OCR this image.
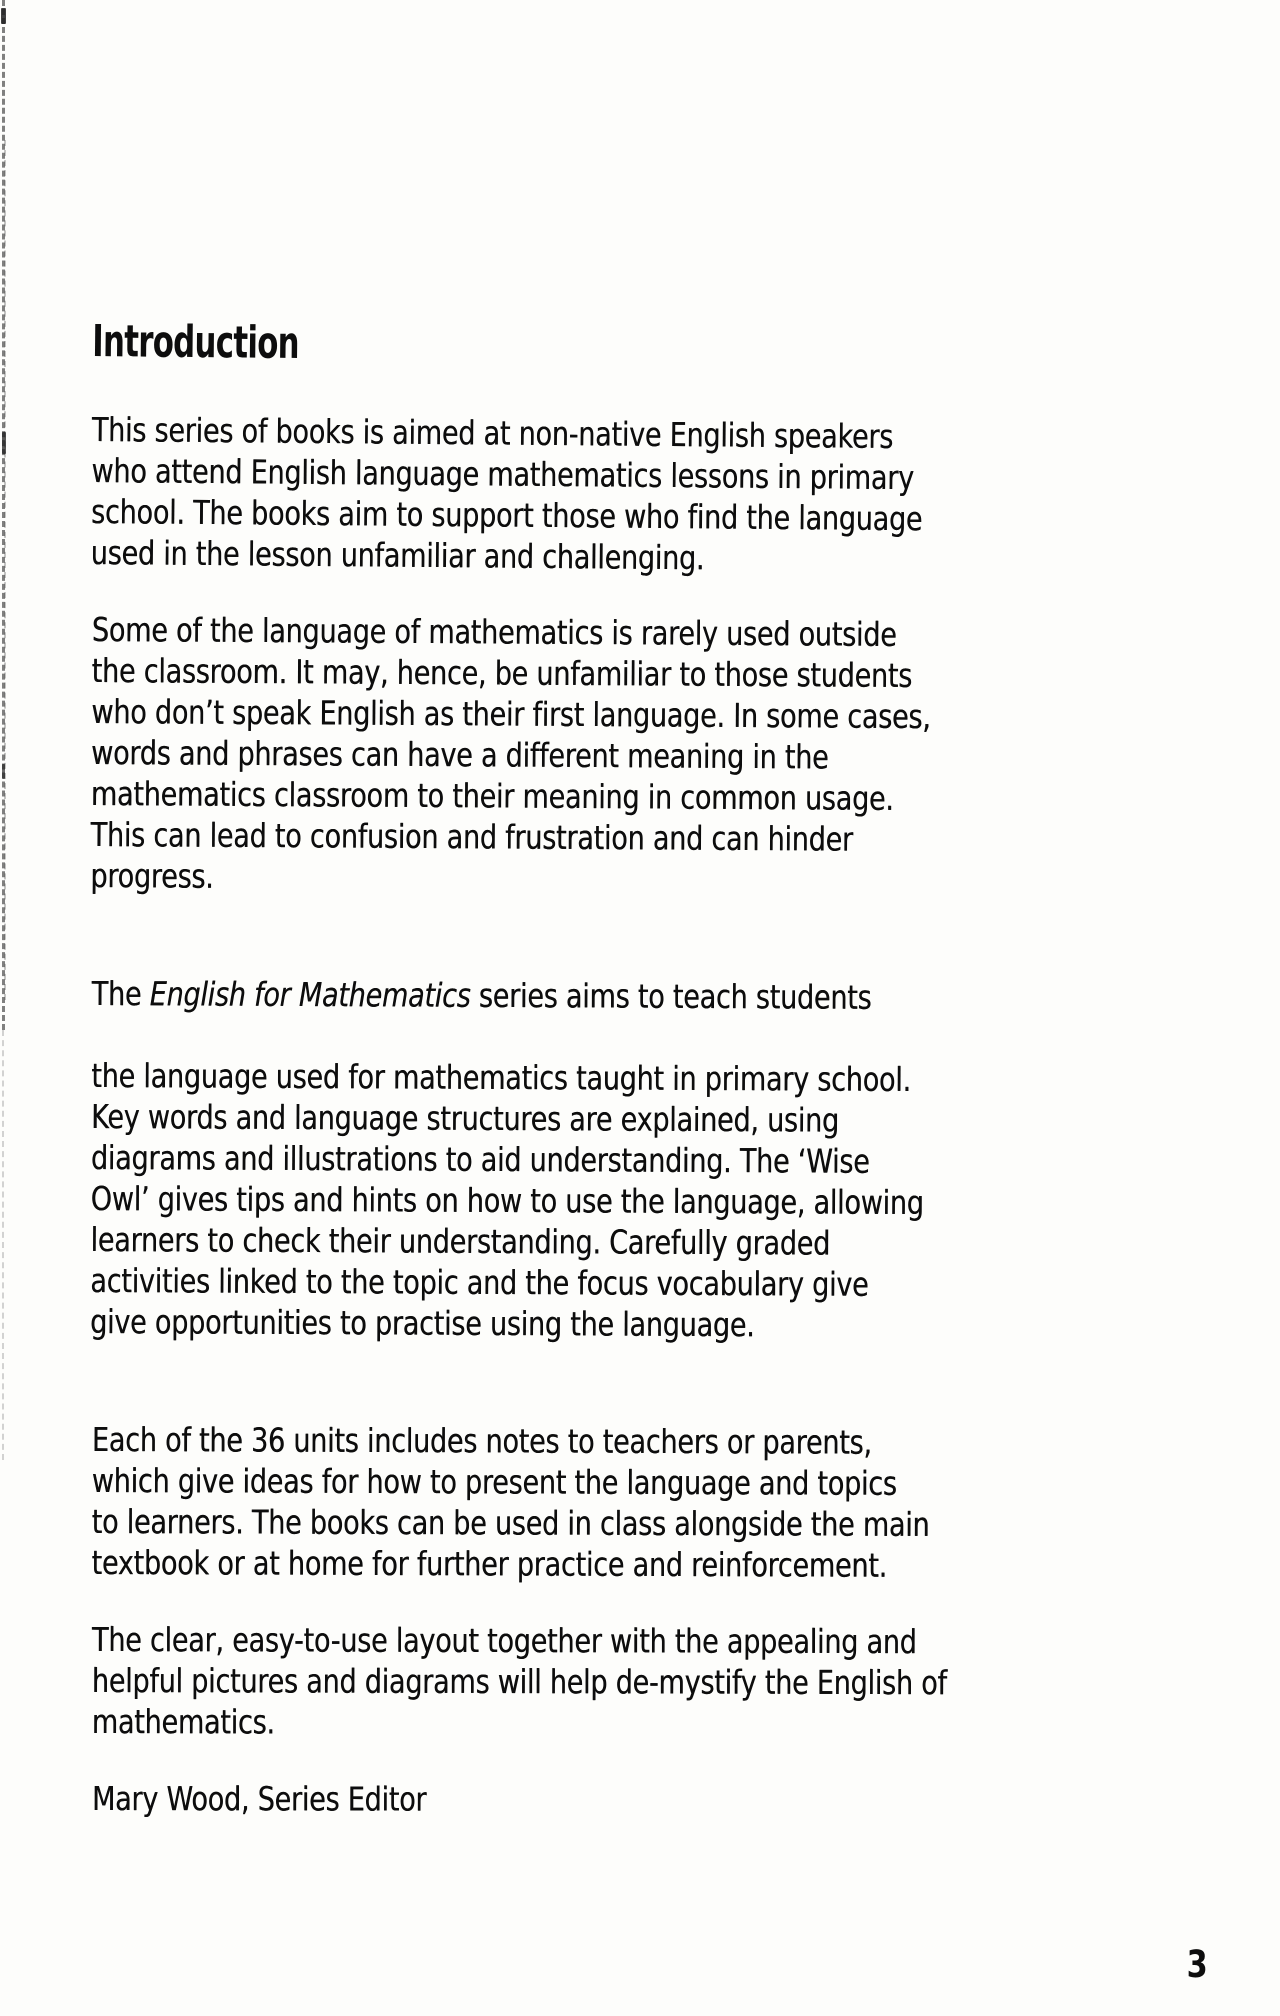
Introduction

This series of books is aimed at non-native English speakers
who attend English language mathematics lessons in primary
school. The books aim to support those who find the language
used in the lesson unfamiliar and challenging.

Some of the language of mathematics is rarely used outside
the classroom. It may, hence, be unfamiliar to those students
who don’t speak English as their first language. In some cases,
words and phrases can have a different meaning in the
mathematics classroom to their meaning in common usage.
This can lead to confusion and frustration and can hinder
progress.

The English for Mathematics series aims to teach students

the language used for mathematics taught in primary school.
Key words and language structures are explained, using
diagrams and illustrations to aid understanding. The ‘Wise
Owl’ gives tips and hints on how to use the language, allowing
learners to check their understanding. Carefully graded
activities linked to the topic and the focus vocabulary give
give opportunities to practise using the language.

Each of the 36 units includes notes to teachers or parents,
which give ideas for how to present the language and topics
to learners. The books can be used in class alongside the main
textbook or at home for further practice and reinforcement.

The clear, easy-to-use layout together with the appealing and
helpful pictures and diagrams will help de-mystify the English of
mathematics.

Mary Wood, Series Editor

3
